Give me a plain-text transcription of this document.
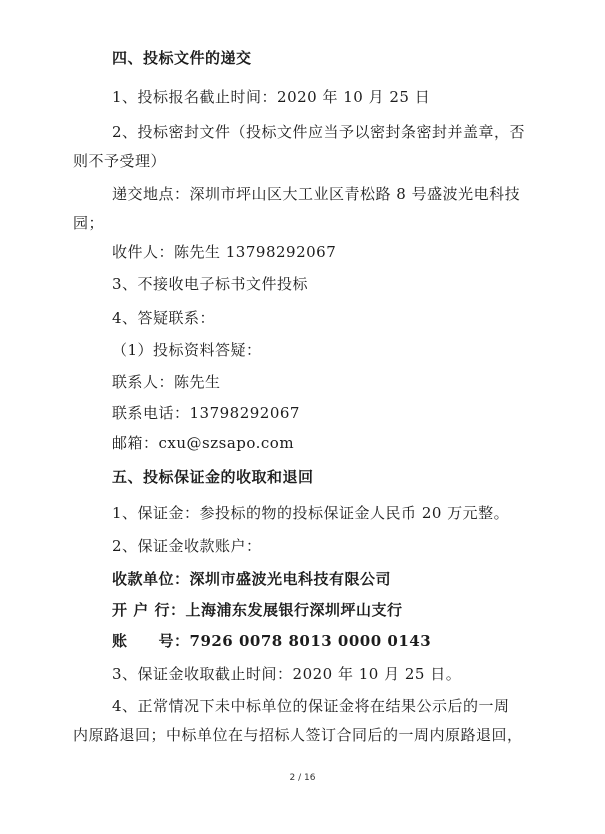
四、投标文件的递交
1、投标报名截止时间：2020 年 10 月 25 日
2、投标密封文件（投标文件应当予以密封条密封并盖章，否
则不予受理）
递交地点：深圳市坪山区大工业区青松路 8 号盛波光电科技
园；
收件人：陈先生 13798292067
3、不接收电子标书文件投标
4、答疑联系：
（1）投标资料答疑：
联系人：陈先生
联系电话：13798292067
邮箱：cxu@szsapo.com
五、投标保证金的收取和退回
1、保证金：参投标的物的投标保证金人民币 20 万元整。
2、保证金收款账户：
收款单位：深圳市盛波光电科技有限公司
开 户 行：上海浦东发展银行深圳坪山支行
账　　号：7926 0078 8013 0000 0143
3、保证金收取截止时间：2020 年 10 月 25 日。
4、正常情况下未中标单位的保证金将在结果公示后的一周
内原路退回；中标单位在与招标人签订合同后的一周内原路退回，
2 / 16
